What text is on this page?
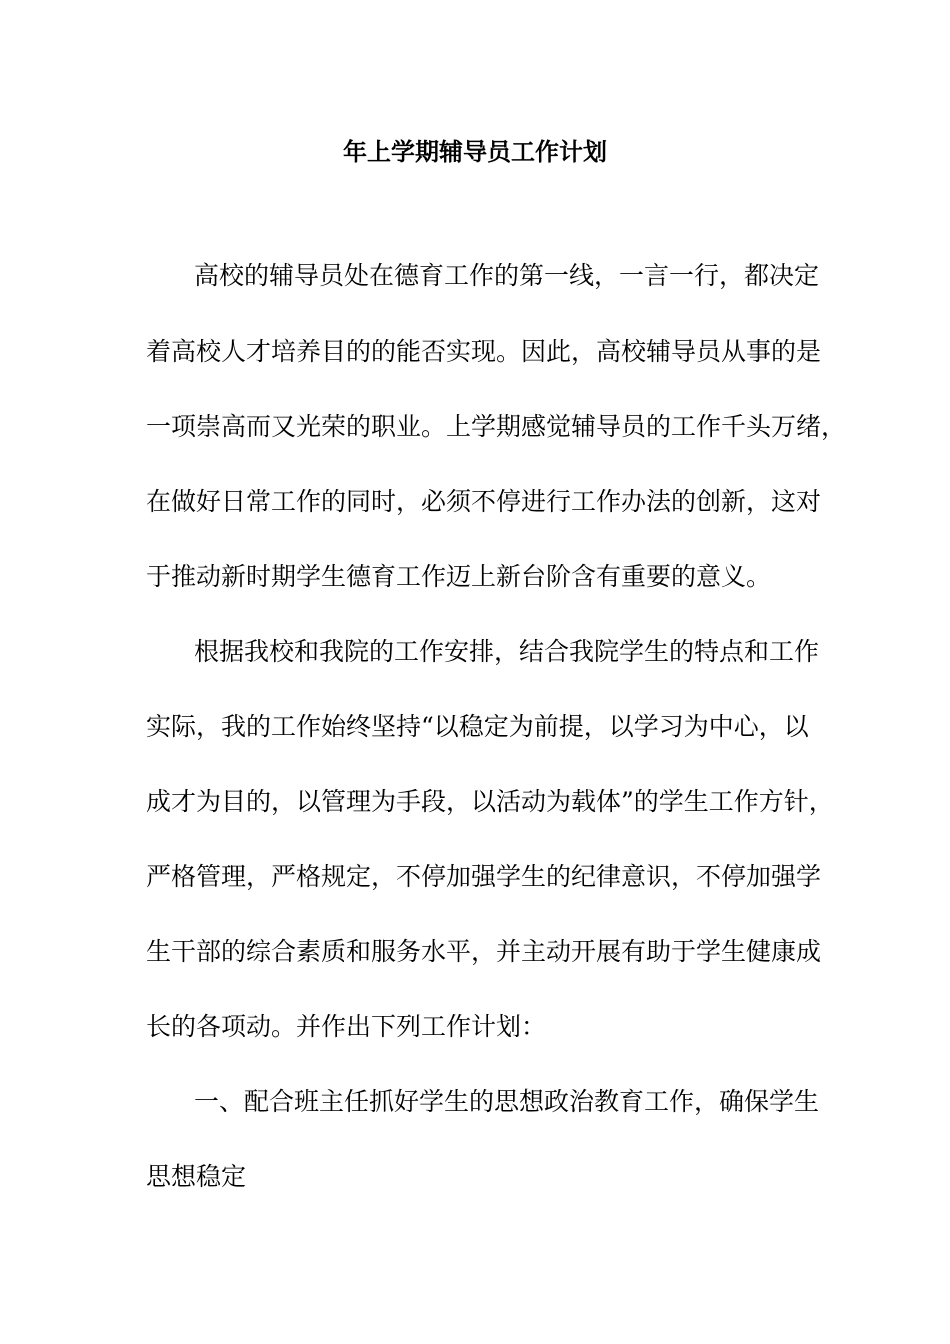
年上学期辅导员工作计划
高校的辅导员处在德育工作的第一线，一言一行，都决定
着高校人才培养目的的能否实现。因此，高校辅导员从事的是
一项崇高而又光荣的职业。上学期感觉辅导员的工作千头万绪，
在做好日常工作的同时，必须不停进行工作办法的创新，这对
于推动新时期学生德育工作迈上新台阶含有重要的意义。
根据我校和我院的工作安排，结合我院学生的特点和工作
实际，我的工作始终坚持“以稳定为前提，以学习为中心，以
成才为目的，以管理为手段，以活动为载体”的学生工作方针，
严格管理，严格规定，不停加强学生的纪律意识，不停加强学
生干部的综合素质和服务水平，并主动开展有助于学生健康成
长的各项动。并作出下列工作计划：
一、配合班主任抓好学生的思想政治教育工作，确保学生
思想稳定
